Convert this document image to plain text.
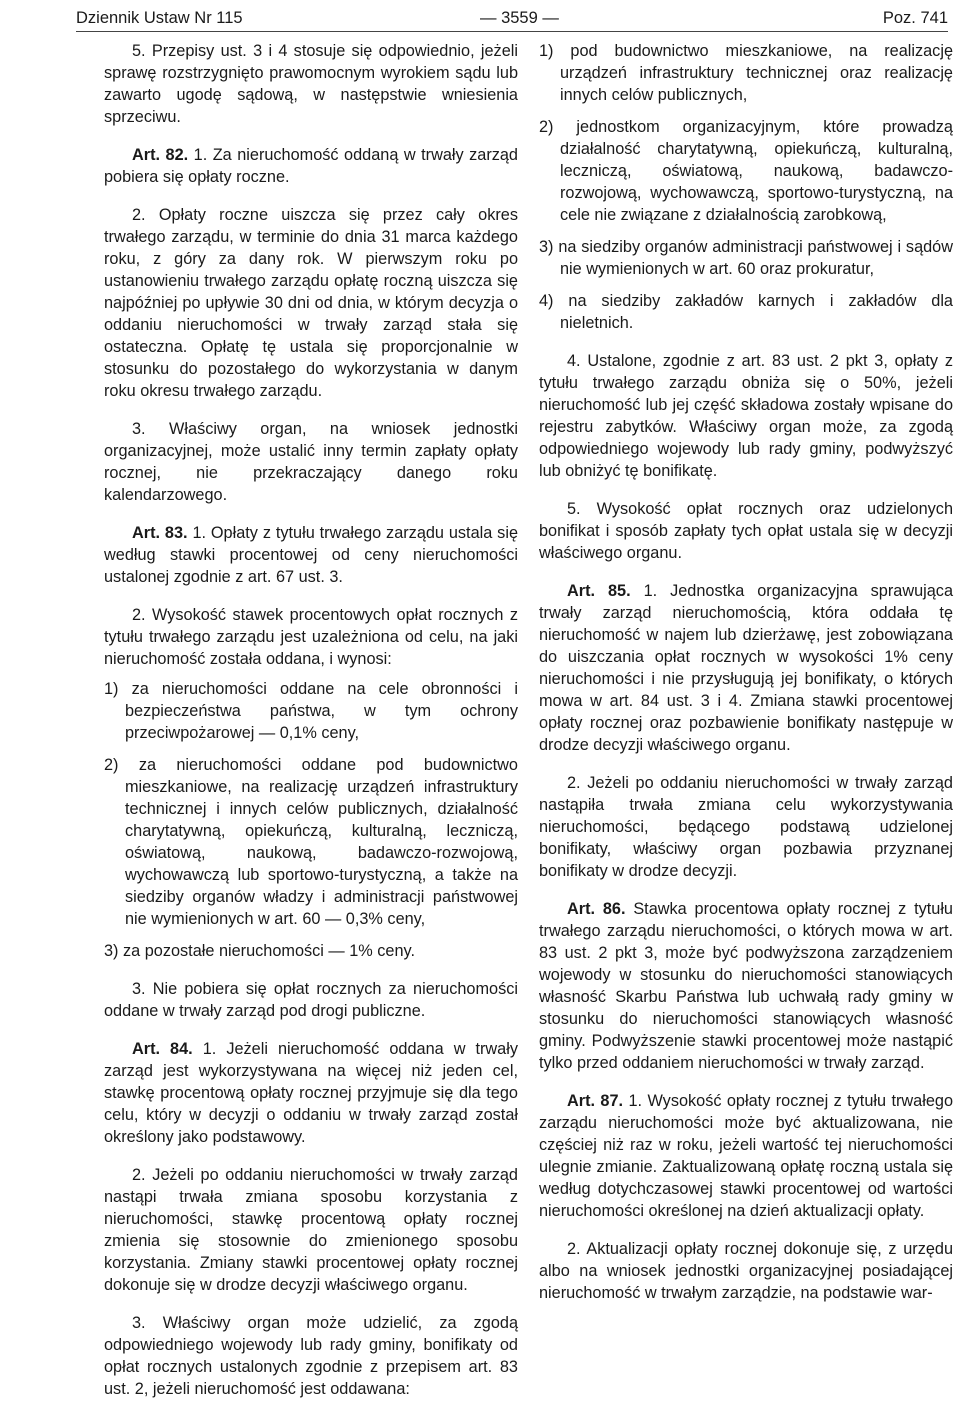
Dziennik Ustaw Nr 115	— 3559 —	Poz. 741

5. Przepisy ust. 3 i 4 stosuje się odpowiednio, jeżeli sprawę rozstrzygnięto prawomocnym wyrokiem sądu lub zawarto ugodę sądową, w następstwie wniesienia sprzeciwu.

Art. 82. 1. Za nieruchomość oddaną w trwały zarząd pobiera się opłaty roczne.

2. Opłaty roczne uiszcza się przez cały okres trwałego zarządu, w terminie do dnia 31 marca każdego roku, z góry za dany rok. W pierwszym roku po ustanowieniu trwałego zarządu opłatę roczną uiszcza się najpóźniej po upływie 30 dni od dnia, w którym decyzja o oddaniu nieruchomości w trwały zarząd stała się ostateczna. Opłatę tę ustala się proporcjonalnie w stosunku do pozostałego do wykorzystania w danym roku okresu trwałego zarządu.

3. Właściwy organ, na wniosek jednostki organizacyjnej, może ustalić inny termin zapłaty opłaty rocznej, nie przekraczający danego roku kalendarzowego.

Art. 83. 1. Opłaty z tytułu trwałego zarządu ustala się według stawki procentowej od ceny nieruchomości ustalonej zgodnie z art. 67 ust. 3.

2. Wysokość stawek procentowych opłat rocznych z tytułu trwałego zarządu jest uzależniona od celu, na jaki nieruchomość została oddana, i wynosi:

1) za nieruchomości oddane na cele obronności i bezpieczeństwa państwa, w tym ochrony przeciwpożarowej — 0,1% ceny,
2) za nieruchomości oddane pod budownictwo mieszkaniowe, na realizację urządzeń infrastruktury technicznej i innych celów publicznych, działalność charytatywną, opiekuńczą, kulturalną, leczniczą, oświatową, naukową, badawczo-rozwojową, wychowawczą lub sportowo-turystyczną, a także na siedziby organów władzy i administracji państwowej nie wymienionych w art. 60 — 0,3% ceny,
3) za pozostałe nieruchomości — 1% ceny.

3. Nie pobiera się opłat rocznych za nieruchomości oddane w trwały zarząd pod drogi publiczne.

Art. 84. 1. Jeżeli nieruchomość oddana w trwały zarząd jest wykorzystywana na więcej niż jeden cel, stawkę procentową opłaty rocznej przyjmuje się dla tego celu, który w decyzji o oddaniu w trwały zarząd został określony jako podstawowy.

2. Jeżeli po oddaniu nieruchomości w trwały zarząd nastąpi trwała zmiana sposobu korzystania z nieruchomości, stawkę procentową opłaty rocznej zmienia się stosownie do zmienionego sposobu korzystania. Zmiany stawki procentowej opłaty rocznej dokonuje się w drodze decyzji właściwego organu.

3. Właściwy organ może udzielić, za zgodą odpowiedniego wojewody lub rady gminy, bonifikaty od opłat rocznych ustalonych zgodnie z przepisem art. 83 ust. 2, jeżeli nieruchomość jest oddawana:

1) pod budownictwo mieszkaniowe, na realizację urządzeń infrastruktury technicznej oraz realizację innych celów publicznych,
2) jednostkom organizacyjnym, które prowadzą działalność charytatywną, opiekuńczą, kulturalną, leczniczą, oświatową, naukową, badawczo-rozwojową, wychowawczą, sportowo-turystyczną, na cele nie związane z działalnością zarobkową,
3) na siedziby organów administracji państwowej i sądów nie wymienionych w art. 60 oraz prokuratur,
4) na siedziby zakładów karnych i zakładów dla nieletnich.

4. Ustalone, zgodnie z art. 83 ust. 2 pkt 3, opłaty z tytułu trwałego zarządu obniża się o 50%, jeżeli nieruchomość lub jej część składowa zostały wpisane do rejestru zabytków. Właściwy organ może, za zgodą odpowiedniego wojewody lub rady gminy, podwyższyć lub obniżyć tę bonifikatę.

5. Wysokość opłat rocznych oraz udzielonych bonifikat i sposób zapłaty tych opłat ustala się w decyzji właściwego organu.

Art. 85. 1. Jednostka organizacyjna sprawująca trwały zarząd nieruchomością, która oddała tę nieruchomość w najem lub dzierżawę, jest zobowiązana do uiszczania opłat rocznych w wysokości 1% ceny nieruchomości i nie przysługują jej bonifikaty, o których mowa w art. 84 ust. 3 i 4. Zmiana stawki procentowej opłaty rocznej oraz pozbawienie bonifikaty następuje w drodze decyzji właściwego organu.

2. Jeżeli po oddaniu nieruchomości w trwały zarząd nastąpiła trwała zmiana celu wykorzystywania nieruchomości, będącego podstawą udzielonej bonifikaty, właściwy organ pozbawia przyznanej bonifikaty w drodze decyzji.

Art. 86. Stawka procentowa opłaty rocznej z tytułu trwałego zarządu nieruchomości, o których mowa w art. 83 ust. 2 pkt 3, może być podwyższona zarządzeniem wojewody w stosunku do nieruchomości stanowiących własność Skarbu Państwa lub uchwałą rady gminy w stosunku do nieruchomości stanowiących własność gminy. Podwyższenie stawki procentowej może nastąpić tylko przed oddaniem nieruchomości w trwały zarząd.

Art. 87. 1. Wysokość opłaty rocznej z tytułu trwałego zarządu nieruchomości może być aktualizowana, nie częściej niż raz w roku, jeżeli wartość tej nieruchomości ulegnie zmianie. Zaktualizowaną opłatę roczną ustala się według dotychczasowej stawki procentowej od wartości nieruchomości określonej na dzień aktualizacji opłaty.

2. Aktualizacji opłaty rocznej dokonuje się, z urzędu albo na wniosek jednostki organizacyjnej posiadającej nieruchomość w trwałym zarządzie, na podstawie war-
